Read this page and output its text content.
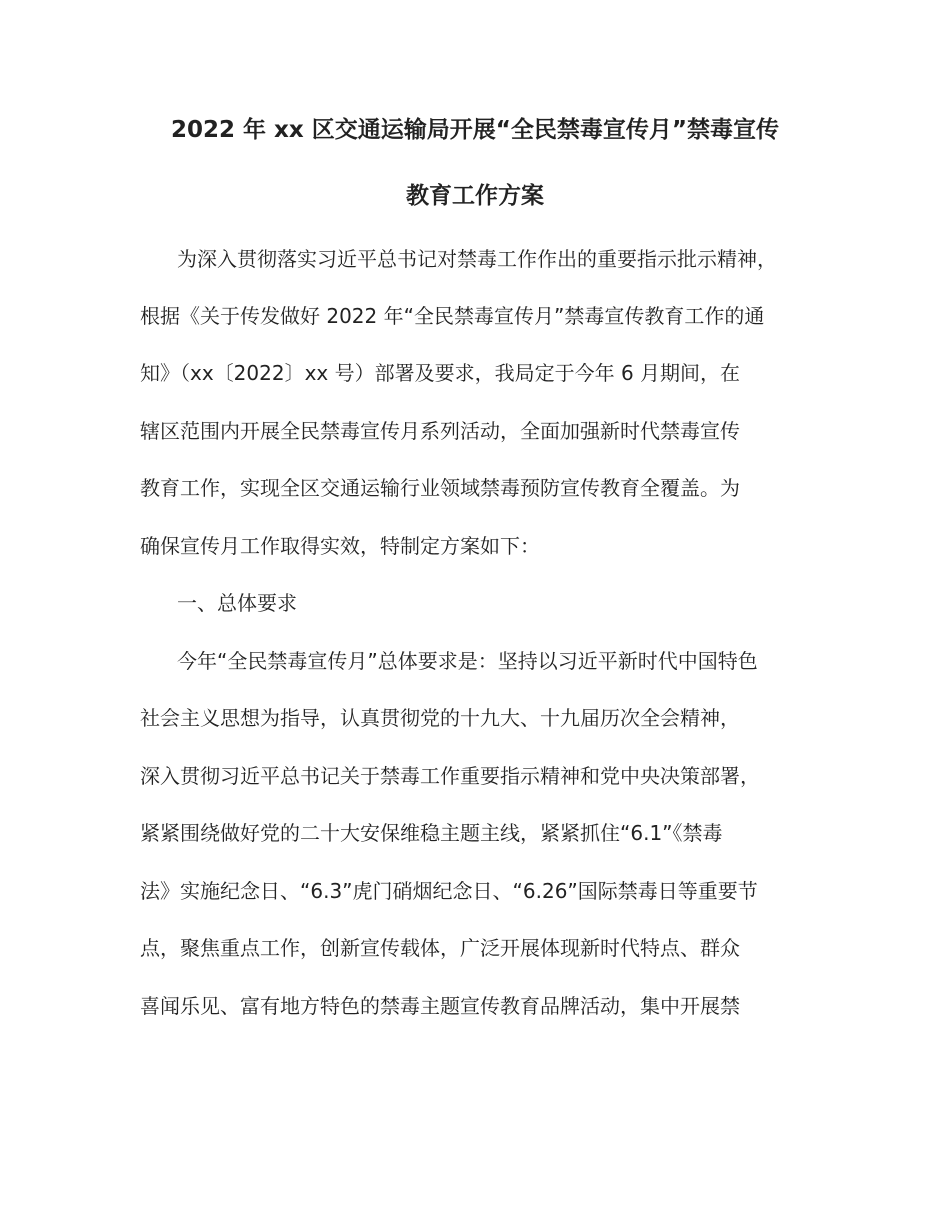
2022 年 xx 区交通运输局开展“全民禁毒宣传月”禁毒宣传
教育工作方案
为深入贯彻落实习近平总书记对禁毒工作作出的重要指示批示精神，
根据《关于传发做好 2022 年“全民禁毒宣传月”禁毒宣传教育工作的通
知》（xx〔2022〕xx 号）部署及要求，我局定于今年 6 月期间，在
辖区范围内开展全民禁毒宣传月系列活动，全面加强新时代禁毒宣传
教育工作，实现全区交通运输行业领域禁毒预防宣传教育全覆盖。为
确保宣传月工作取得实效，特制定方案如下：
一、总体要求
今年“全民禁毒宣传月”总体要求是：坚持以习近平新时代中国特色
社会主义思想为指导，认真贯彻党的十九大、十九届历次全会精神，
深入贯彻习近平总书记关于禁毒工作重要指示精神和党中央决策部署，
紧紧围绕做好党的二十大安保维稳主题主线，紧紧抓住“6.1”《禁毒
法》实施纪念日、“6.3”虎门硝烟纪念日、“6.26”国际禁毒日等重要节
点，聚焦重点工作，创新宣传载体，广泛开展体现新时代特点、群众
喜闻乐见、富有地方特色的禁毒主题宣传教育品牌活动，集中开展禁
